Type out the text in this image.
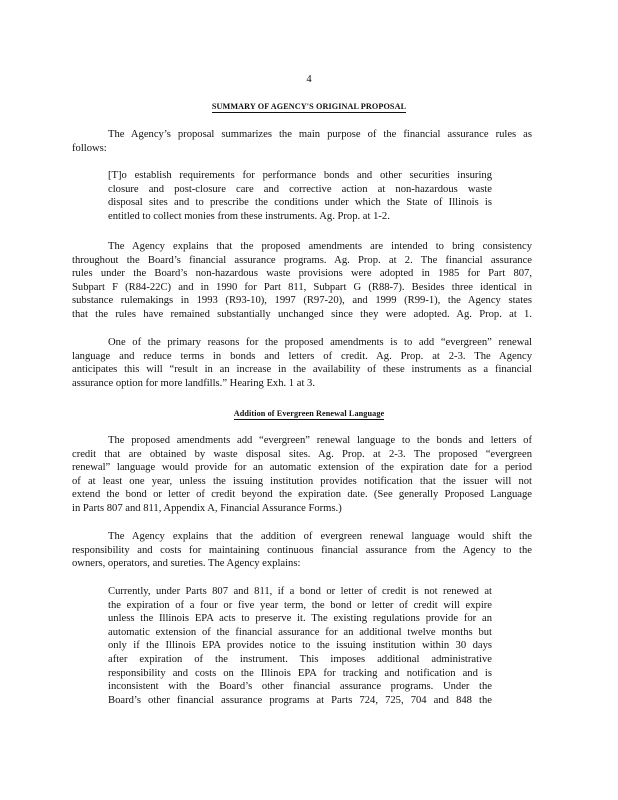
4
SUMMARY OF AGENCY'S ORIGINAL PROPOSAL
The Agency’s proposal summarizes the main purpose of the financial assurance rules as
follows:
[T]o establish requirements for performance bonds and other securities insuring
closure and post-closure care and corrective action at non-hazardous waste
disposal sites and to prescribe the conditions under which the State of Illinois is
entitled to collect monies from these instruments. Ag. Prop. at 1-2.
The Agency explains that the proposed amendments are intended to bring consistency
throughout the Board’s financial assurance programs. Ag. Prop. at 2. The financial assurance
rules under the Board’s non-hazardous waste provisions were adopted in 1985 for Part 807,
Subpart F (R84-22C) and in 1990 for Part 811, Subpart G (R88-7). Besides three identical in
substance rulemakings in 1993 (R93-10), 1997 (R97-20), and 1999 (R99-1), the Agency states
that the rules have remained substantially unchanged since they were adopted. Ag. Prop. at 1.
One of the primary reasons for the proposed amendments is to add “evergreen” renewal
language and reduce terms in bonds and letters of credit. Ag. Prop. at 2-3. The Agency
anticipates this will “result in an increase in the availability of these instruments as a financial
assurance option for more landfills.” Hearing Exh. 1 at 3.
Addition of Evergreen Renewal Language
The proposed amendments add “evergreen” renewal language to the bonds and letters of
credit that are obtained by waste disposal sites. Ag. Prop. at 2-3. The proposed “evergreen
renewal” language would provide for an automatic extension of the expiration date for a period
of at least one year, unless the issuing institution provides notification that the issuer will not
extend the bond or letter of credit beyond the expiration date. (See generally Proposed Language
in Parts 807 and 811, Appendix A, Financial Assurance Forms.)
The Agency explains that the addition of evergreen renewal language would shift the
responsibility and costs for maintaining continuous financial assurance from the Agency to the
owners, operators, and sureties. The Agency explains:
Currently, under Parts 807 and 811, if a bond or letter of credit is not renewed at
the expiration of a four or five year term, the bond or letter of credit will expire
unless the Illinois EPA acts to preserve it. The existing regulations provide for an
automatic extension of the financial assurance for an additional twelve months but
only if the Illinois EPA provides notice to the issuing institution within 30 days
after expiration of the instrument. This imposes additional administrative
responsibility and costs on the Illinois EPA for tracking and notification and is
inconsistent with the Board’s other financial assurance programs. Under the
Board’s other financial assurance programs at Parts 724, 725, 704 and 848 the
